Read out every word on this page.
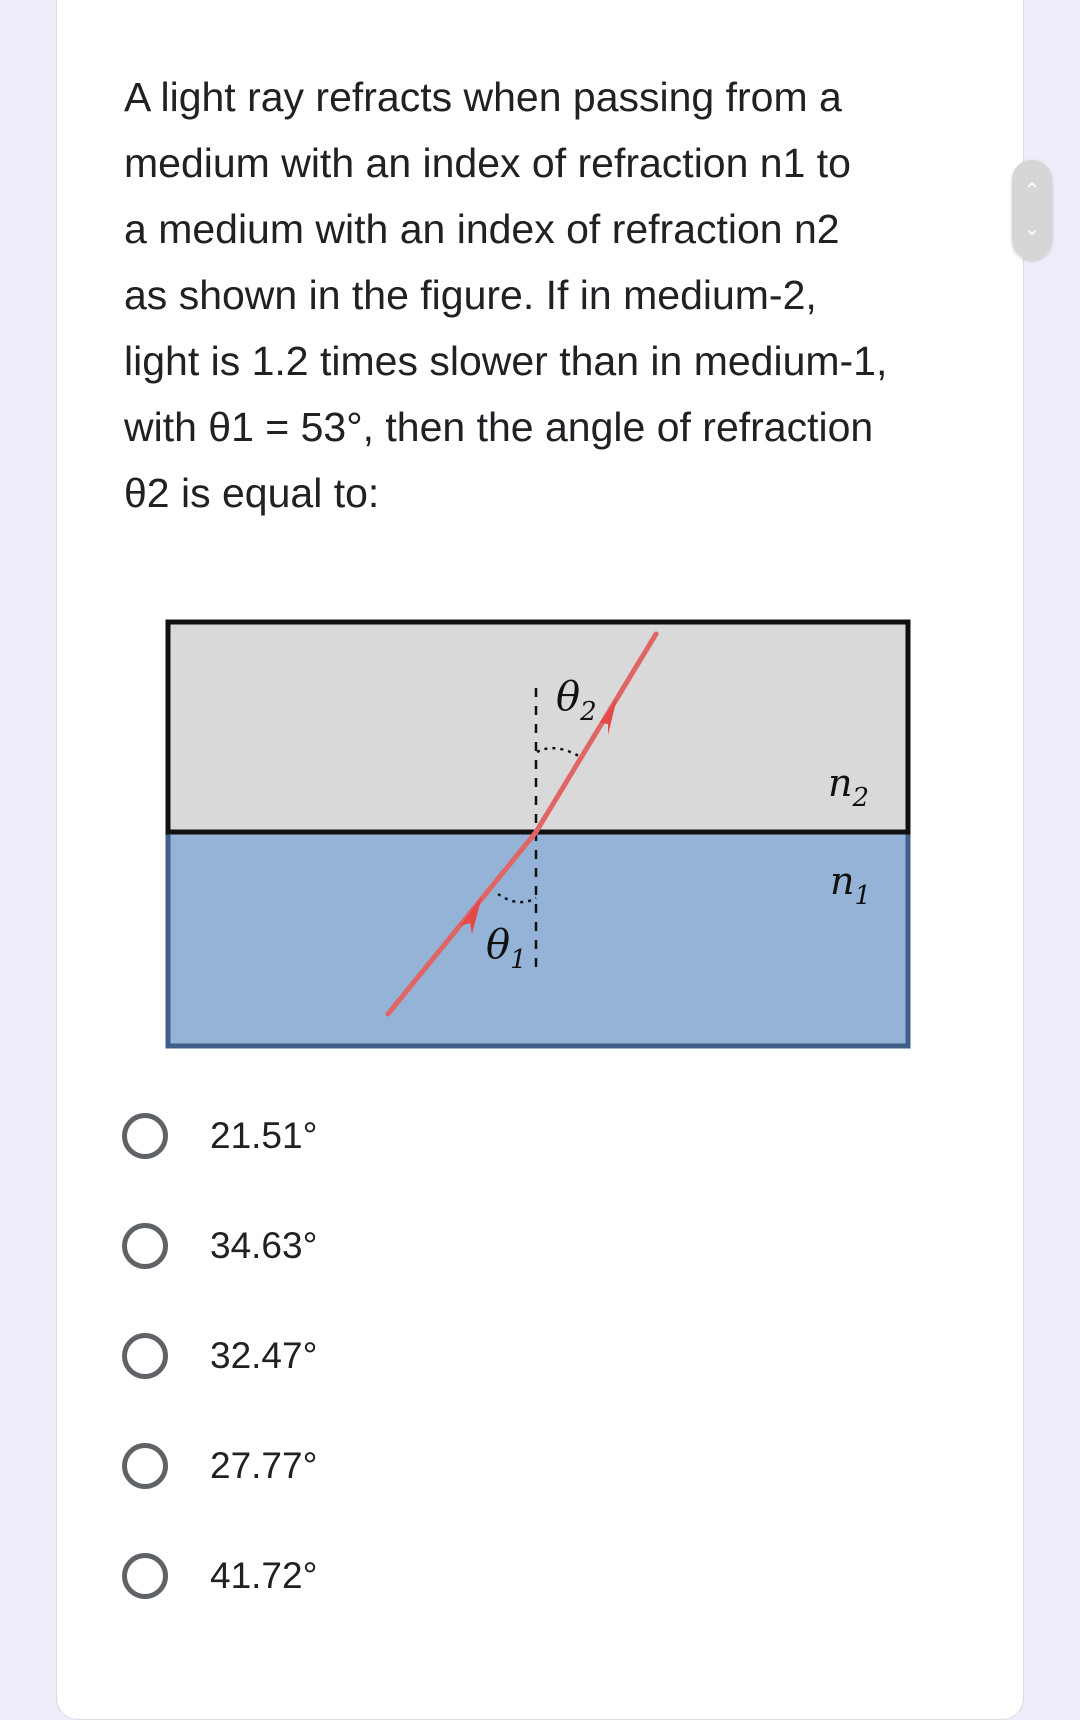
A light ray refracts when passing from a
medium with an index of refraction n1 to
a medium with an index of refraction n2
as shown in the figure. If in medium-2,
light is 1.2 times slower than in medium-1,
with θ1 = 53°, then the angle of refraction
θ2 is equal to:

$\theta_2$
$\theta_1$
$n_2$
$n_1$
21.51°
34.63°
32.47°
27.77°
41.72°
⌃
⌄
